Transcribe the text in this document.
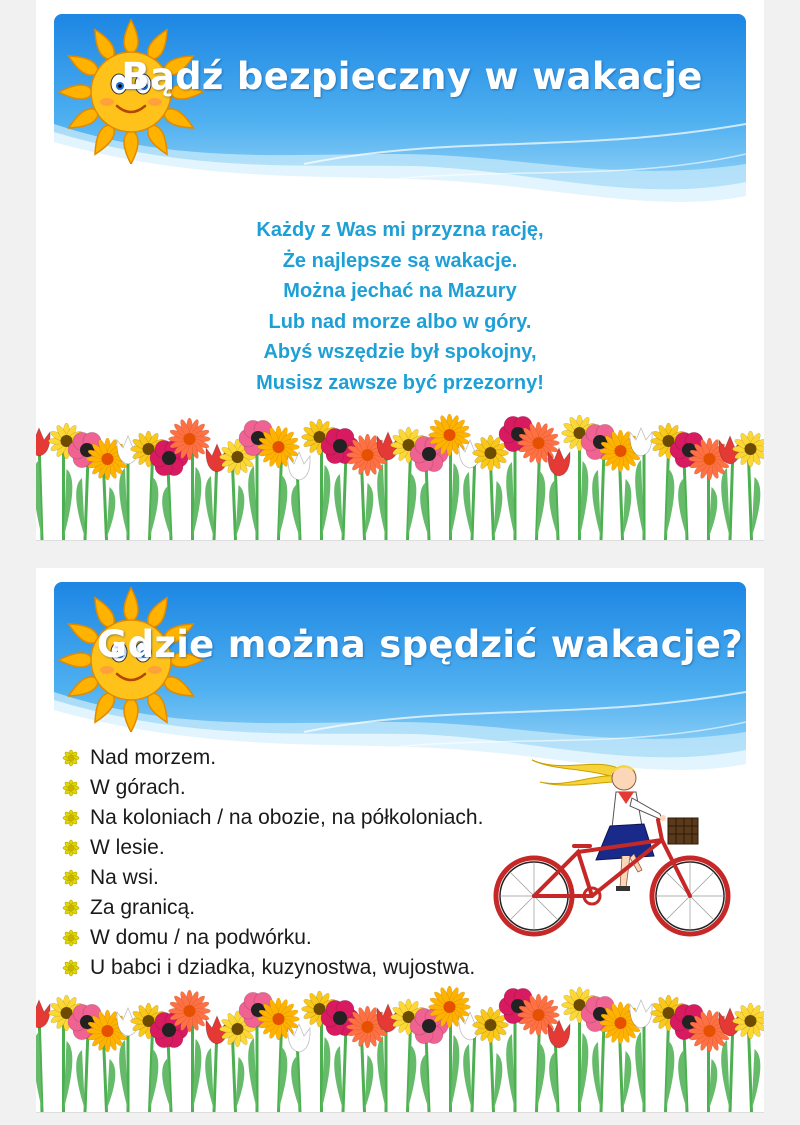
Bądź bezpieczny w wakacje
Każdy z Was mi przyzna rację,
Że najlepsze są wakacje.
Można jechać na Mazury
Lub nad morze albo w góry.
Abyś wszędzie był spokojny,
Musisz zawsze być przezorny!
Gdzie można spędzić wakacje?
Nad morzem.
W górach.
Na koloniach / na obozie, na półkoloniach.
W lesie.
Na wsi.
Za granicą.
W domu / na podwórku.
U babci i dziadka, kuzynostwa, wujostwa.
